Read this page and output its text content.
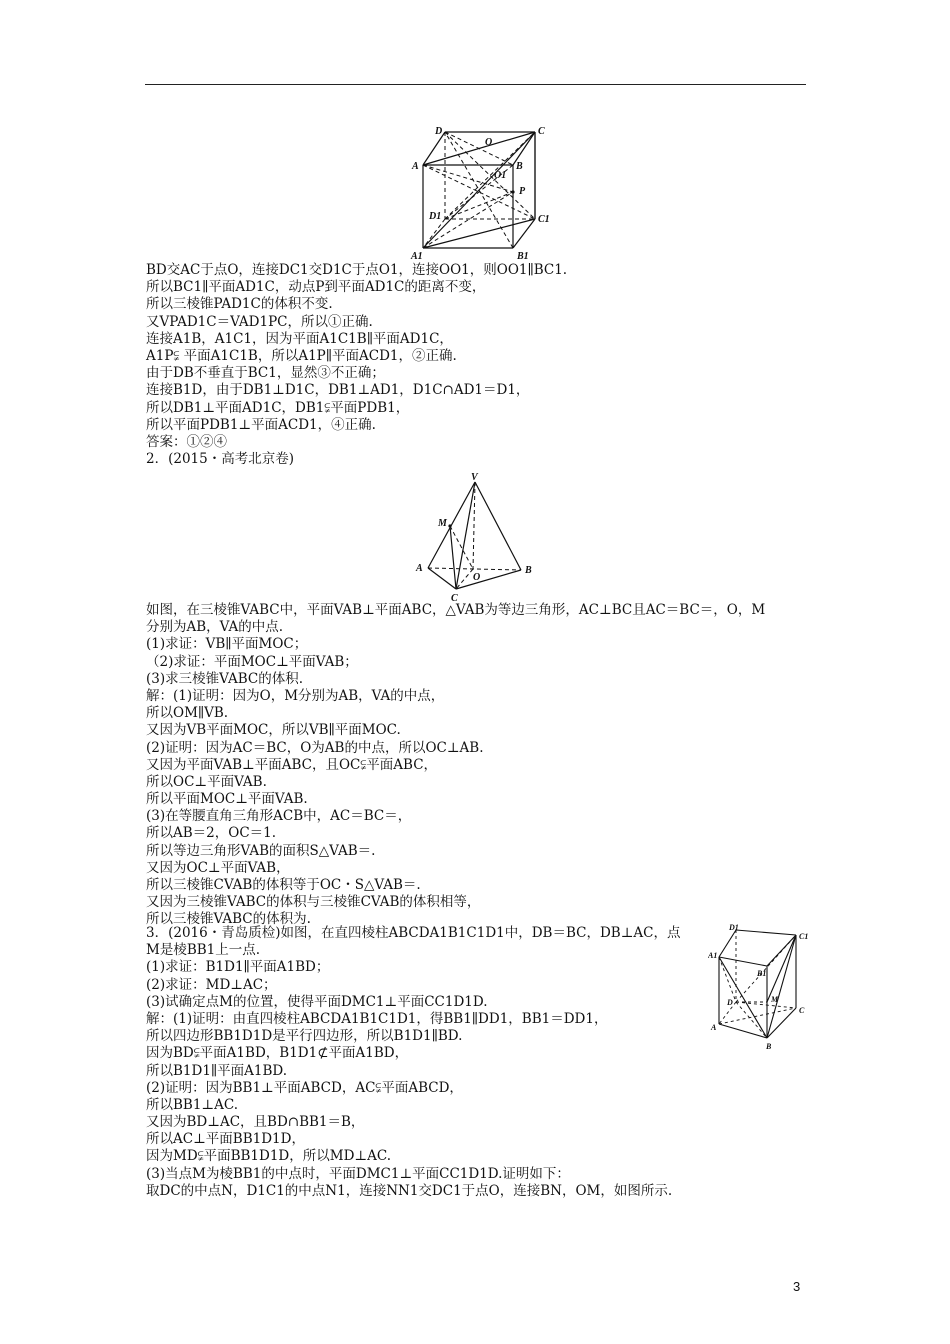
D
O
C
A	B
O1
P
D1	C1
A1	B1
BD交AC于点O，连接DC1交D1C于点O1，连接OO1，则OO1∥BC1.
所以BC1∥平面AD1C，动点P到平面AD1C的距离不变，
所以三棱锥PAD1C的体积不变.
又VPAD1C＝VAD1PC，所以①正确.
连接A1B，A1C1，因为平面A1C1B∥平面AD1C，
A1P⫋ 平面A1C1B，所以A1P∥平面ACD1，②正确.
由于DB不垂直于BC1，显然③不正确；
连接B1D，由于DB1⊥D1C，DB1⊥AD1，D1C∩AD1＝D1，
所以DB1⊥平面AD1C，DB1⫋平面PDB1，
所以平面PDB1⊥平面ACD1，④正确.
答案：①②④
2．(2015・高考北京卷)
V
M
A
O
B
C
如图，在三棱锥VABC中，平面VAB⊥平面ABC，△VAB为等边三角形，AC⊥BC且AC＝BC＝，O，M
分别为AB，VA的中点.
(1)求证：VB∥平面MOC；
（2)求证：平面MOC⊥平面VAB；
(3)求三棱锥VABC的体积.
解：(1)证明：因为O，M分别为AB，VA的中点，
所以OM∥VB.
又因为VB平面MOC，所以VB∥平面MOC.
(2)证明：因为AC＝BC，O为AB的中点，所以OC⊥AB.
又因为平面VAB⊥平面ABC，且OC⫋平面ABC，
所以OC⊥平面VAB.
所以平面MOC⊥平面VAB.
(3)在等腰直角三角形ACB中，AC＝BC＝，
所以AB＝2，OC＝1.
所以等边三角形VAB的面积S△VAB＝.
又因为OC⊥平面VAB，
所以三棱锥CVAB的体积等于OC・S△VAB＝.
又因为三棱锥VABC的体积与三棱锥CVAB的体积相等，
所以三棱锥VABC的体积为.
D1
C1
A1
B1
D	M
C
A
B
3．(2016・青岛质检)如图，在直四棱柱ABCDA1B1C1D1中，DB＝BC，DB⊥AC，点
M是棱BB1上一点.
(1)求证：B1D1∥平面A1BD；
(2)求证：MD⊥AC；
(3)试确定点M的位置，使得平面DMC1⊥平面CC1D1D.
解：(1)证明：由直四棱柱ABCDA1B1C1D1，得BB1∥DD1，BB1＝DD1，
所以四边形BB1D1D是平行四边形，所以B1D1∥BD.
因为BD⫋平面A1BD，B1D1⊄平面A1BD，
所以B1D1∥平面A1BD.
(2)证明：因为BB1⊥平面ABCD，AC⫋平面ABCD，
所以BB1⊥AC.
又因为BD⊥AC，且BD∩BB1＝B，
所以AC⊥平面BB1D1D，
因为MD⫋平面BB1D1D，所以MD⊥AC.
(3)当点M为棱BB1的中点时，平面DMC1⊥平面CC1D1D.证明如下：
取DC的中点N，D1C1的中点N1，连接NN1交DC1于点O，连接BN，OM，如图所示.
3
